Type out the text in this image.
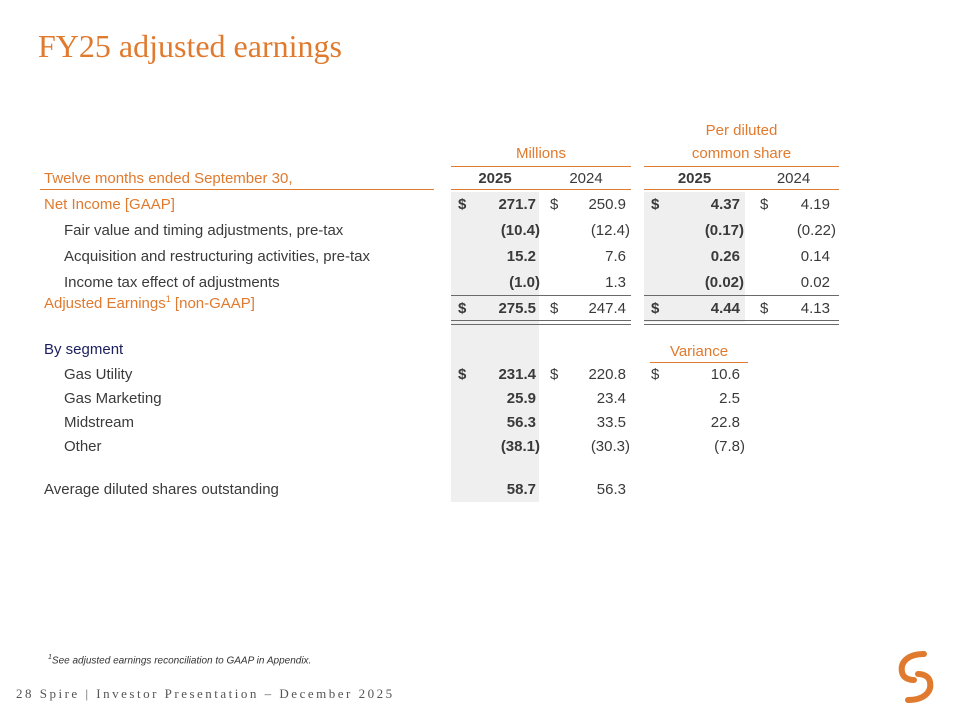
FY25 adjusted earnings
Millions
Per diluted
common share
Twelve months ended September 30,	2025	2024	2025	2024
Net Income [GAAP]	$	271.7 $	250.9 $	4.37 $	4.19
Fair value and timing adjustments, pre-tax	(10.4)	(12.4)	(0.17)	(0.22)
Acquisition and restructuring activities, pre-tax	15.2	7.6	0.26	0.14
Income tax effect of adjustments	(1.0)	1.3	(0.02)	0.02
Adjusted Earnings$^1$ [non-GAAP]	$	275.5 $	247.4 $	4.44 $	4.13
By segment	Variance
Gas Utility	$	231.4 $	220.8 $	10.6
Gas Marketing	25.9	23.4	2.5
Midstream	56.3	33.5	22.8
Other	(38.1)	(30.3)	(7.8)
Average diluted shares outstanding	58.7	56.3
$^1$See adjusted earnings reconciliation to GAAP in Appendix.
28 Spire | Investor Presentation – December 2025
